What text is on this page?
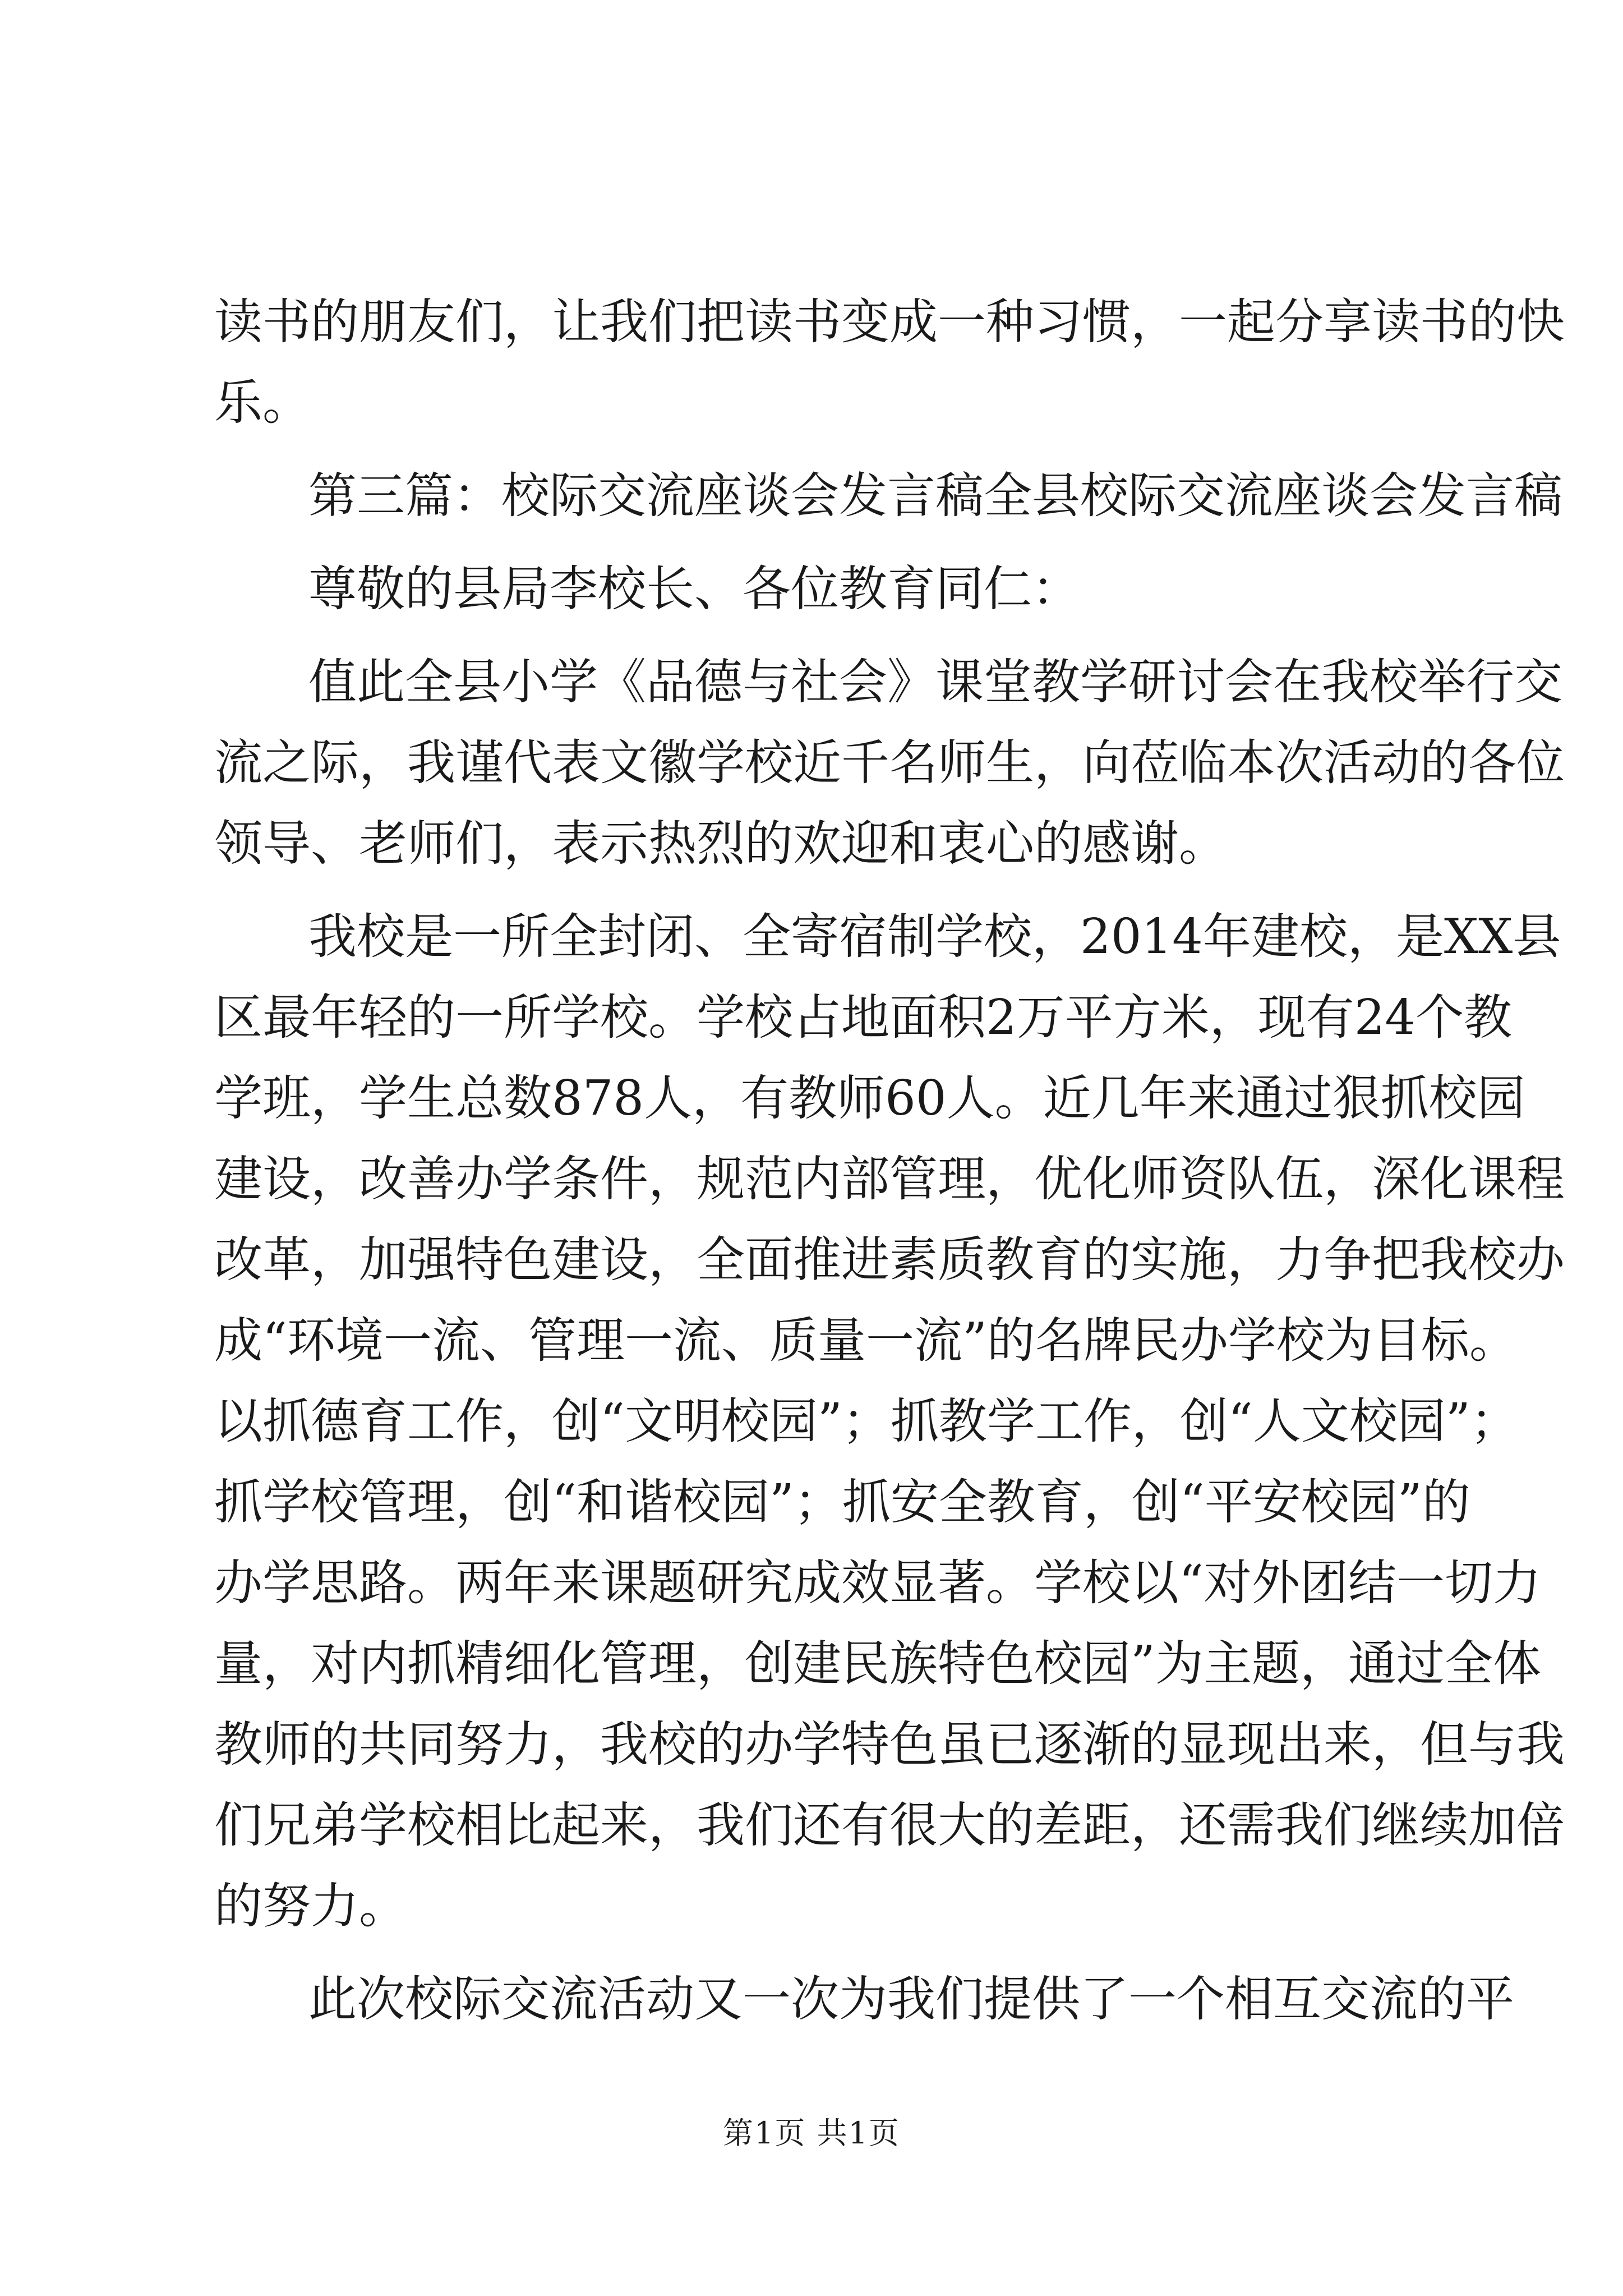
读书的朋友们，让我们把读书变成一种习惯，一起分享读书的快
乐。
第三篇：校际交流座谈会发言稿全县校际交流座谈会发言稿
尊敬的县局李校长、各位教育同仁：
值此全县小学《品德与社会》课堂教学研讨会在我校举行交
流之际，我谨代表文徽学校近千名师生，向莅临本次活动的各位
领导、老师们，表示热烈的欢迎和衷心的感谢。
我校是一所全封闭、全寄宿制学校，2014年建校，是XX县
区最年轻的一所学校。学校占地面积2万平方米，现有24个教
学班，学生总数878人，有教师60人。近几年来通过狠抓校园
建设，改善办学条件，规范内部管理，优化师资队伍，深化课程
改革，加强特色建设，全面推进素质教育的实施，力争把我校办
成“环境一流、管理一流、质量一流”的名牌民办学校为目标。
以抓德育工作，创“文明校园”；抓教学工作，创“人文校园”；
抓学校管理，创“和谐校园”；抓安全教育，创“平安校园”的
办学思路。两年来课题研究成效显著。学校以“对外团结一切力
量，对内抓精细化管理，创建民族特色校园”为主题，通过全体
教师的共同努力，我校的办学特色虽已逐渐的显现出来，但与我
们兄弟学校相比起来，我们还有很大的差距，还需我们继续加倍
的努力。
此次校际交流活动又一次为我们提供了一个相互交流的平
第1页 共1页
